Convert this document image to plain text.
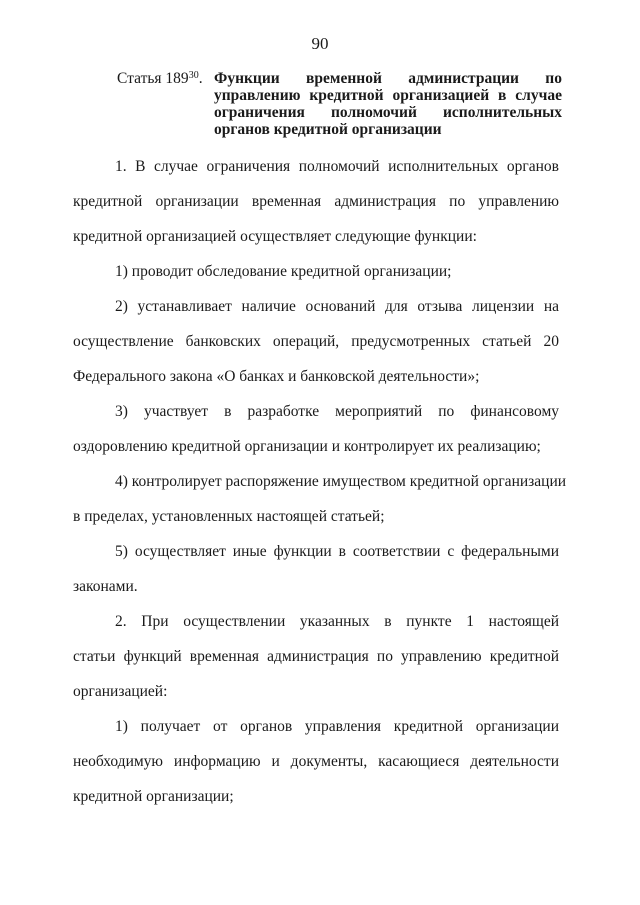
90
Статья $189^{30}$. Функции временной администрации по
управлению кредитной организацией в случае
ограничения полномочий исполнительных
органов кредитной организации
1. В случае ограничения полномочий исполнительных органов
кредитной организации временная администрация по управлению
кредитной организацией осуществляет следующие функции:
1) проводит обследование кредитной организации;
2) устанавливает наличие оснований для отзыва лицензии на
осуществление банковских операций, предусмотренных статьей 20
Федерального закона «О банках и банковской деятельности»;
3) участвует в разработке мероприятий по финансовому
оздоровлению кредитной организации и контролирует их реализацию;
4) контролирует распоряжение имуществом кредитной организации
в пределах, установленных настоящей статьей;
5) осуществляет иные функции в соответствии с федеральными
законами.
2. При осуществлении указанных в пункте 1 настоящей
статьи функций временная администрация по управлению кредитной
организацией:
1) получает от органов управления кредитной организации
необходимую информацию и документы, касающиеся деятельности
кредитной организации;
